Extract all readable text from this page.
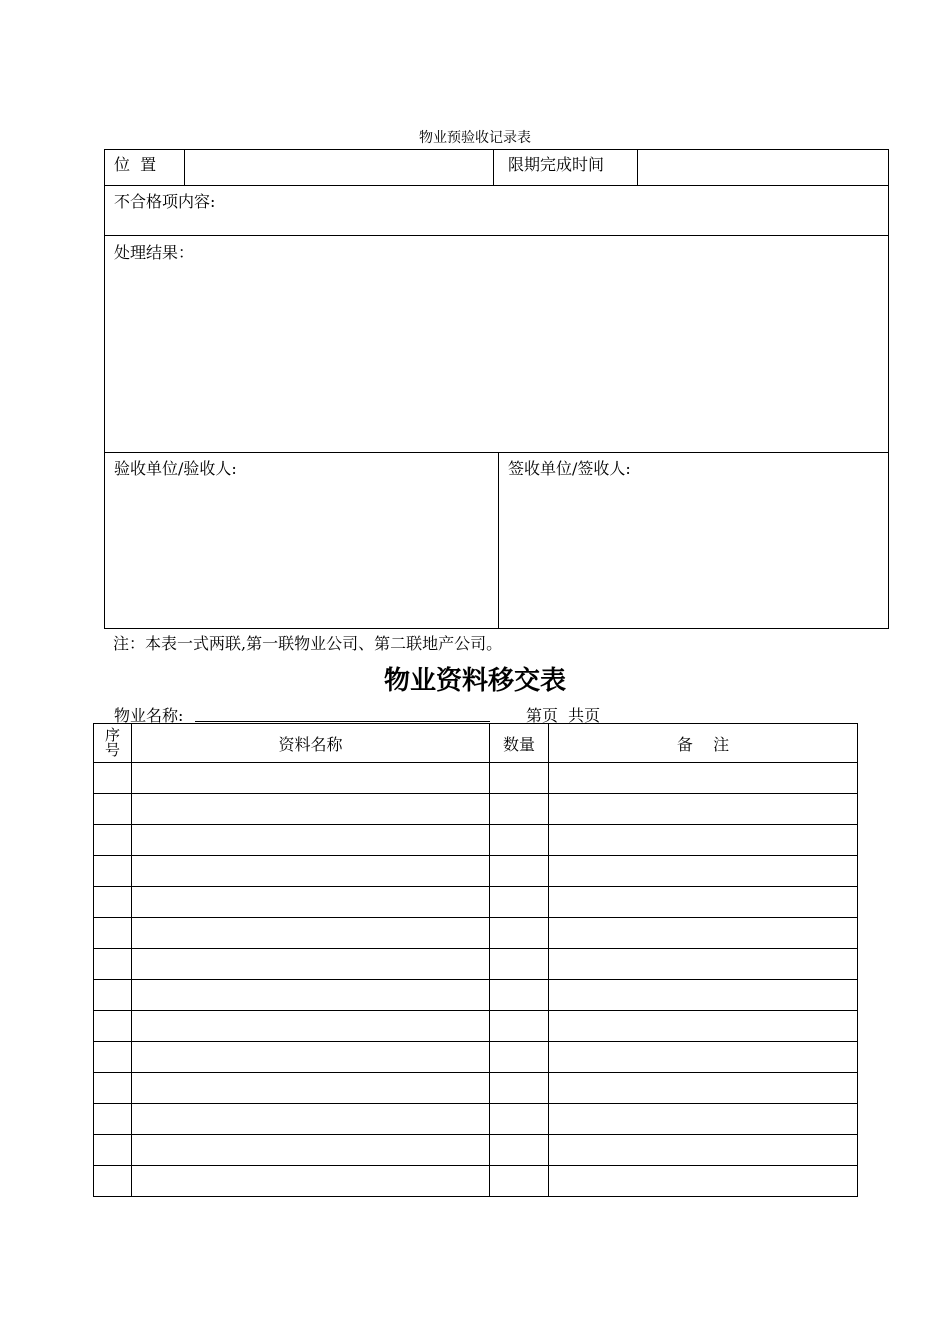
物业预验收记录表
位  置	限期完成时间
不合格项内容:
处理结果：
验收单位/验收人:	签收单位/签收人:
注：本表一式两联,第一联物业公司、第二联地产公司。
物业资料移交表
物业名称:	第页  共页
序号	资料名称	数量	备    注
